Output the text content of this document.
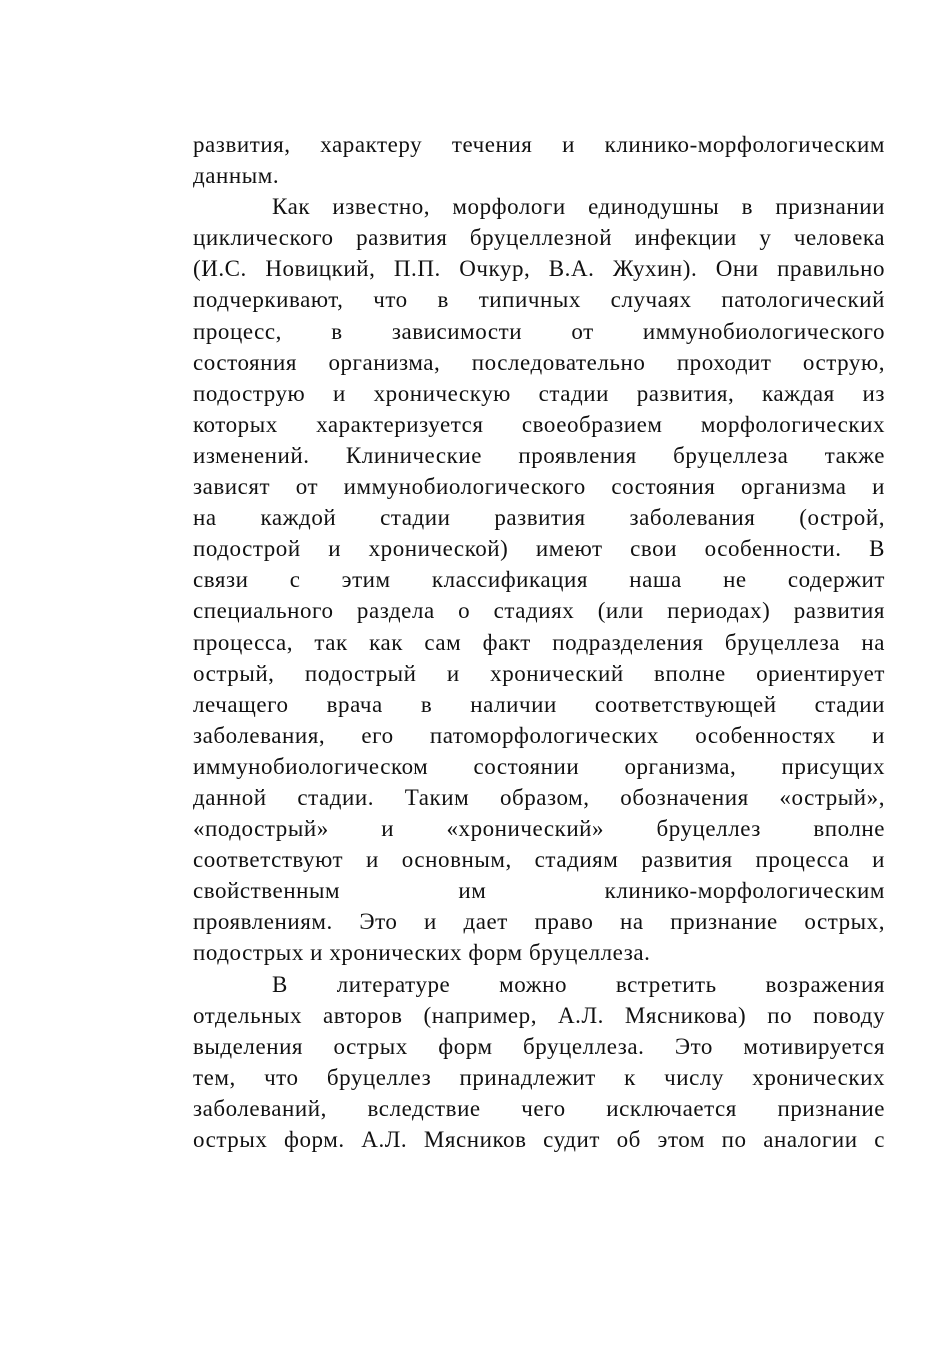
развития, характеру течения и клинико-морфологическим
данным.
Как известно, морфологи единодушны в признании
циклического развития бруцеллезной инфекции у человека
(И.С. Новицкий, П.П. Очкур, В.А. Жухин). Они правильно
подчеркивают, что в типичных случаях патологический
процесс, в зависимости от иммунобиологического
состояния организма, последовательно проходит острую,
подострую и хроническую стадии развития, каждая из
которых характеризуется своеобразием морфологических
изменений. Клинические проявления бруцеллеза также
зависят от иммунобиологического состояния организма и
на каждой стадии развития заболевания (острой,
подострой и хронической) имеют свои особенности. В
связи с этим классификация наша не содержит
специального раздела о стадиях (или периодах) развития
процесса, так как сам факт подразделения бруцеллеза на
острый, подострый и хронический вполне ориентирует
лечащего врача в наличии соответствующей стадии
заболевания, его патоморфологических особенностях и
иммунобиологическом состоянии организма, присущих
данной стадии. Таким образом, обозначения «острый»,
«подострый» и «хронический» бруцеллез вполне
соответствуют и основным, стадиям развития процесса и
свойственным им клинико-морфологическим
проявлениям. Это и дает право на признание острых,
подострых и хронических форм бруцеллеза.
В литературе можно встретить возражения
отдельных авторов (например, А.Л. Мясникова) по поводу
выделения острых форм бруцеллеза. Это мотивируется
тем, что бруцеллез принадлежит к числу хронических
заболеваний, вследствие чего исключается признание
острых форм. А.Л. Мясников судит об этом по аналогии с
